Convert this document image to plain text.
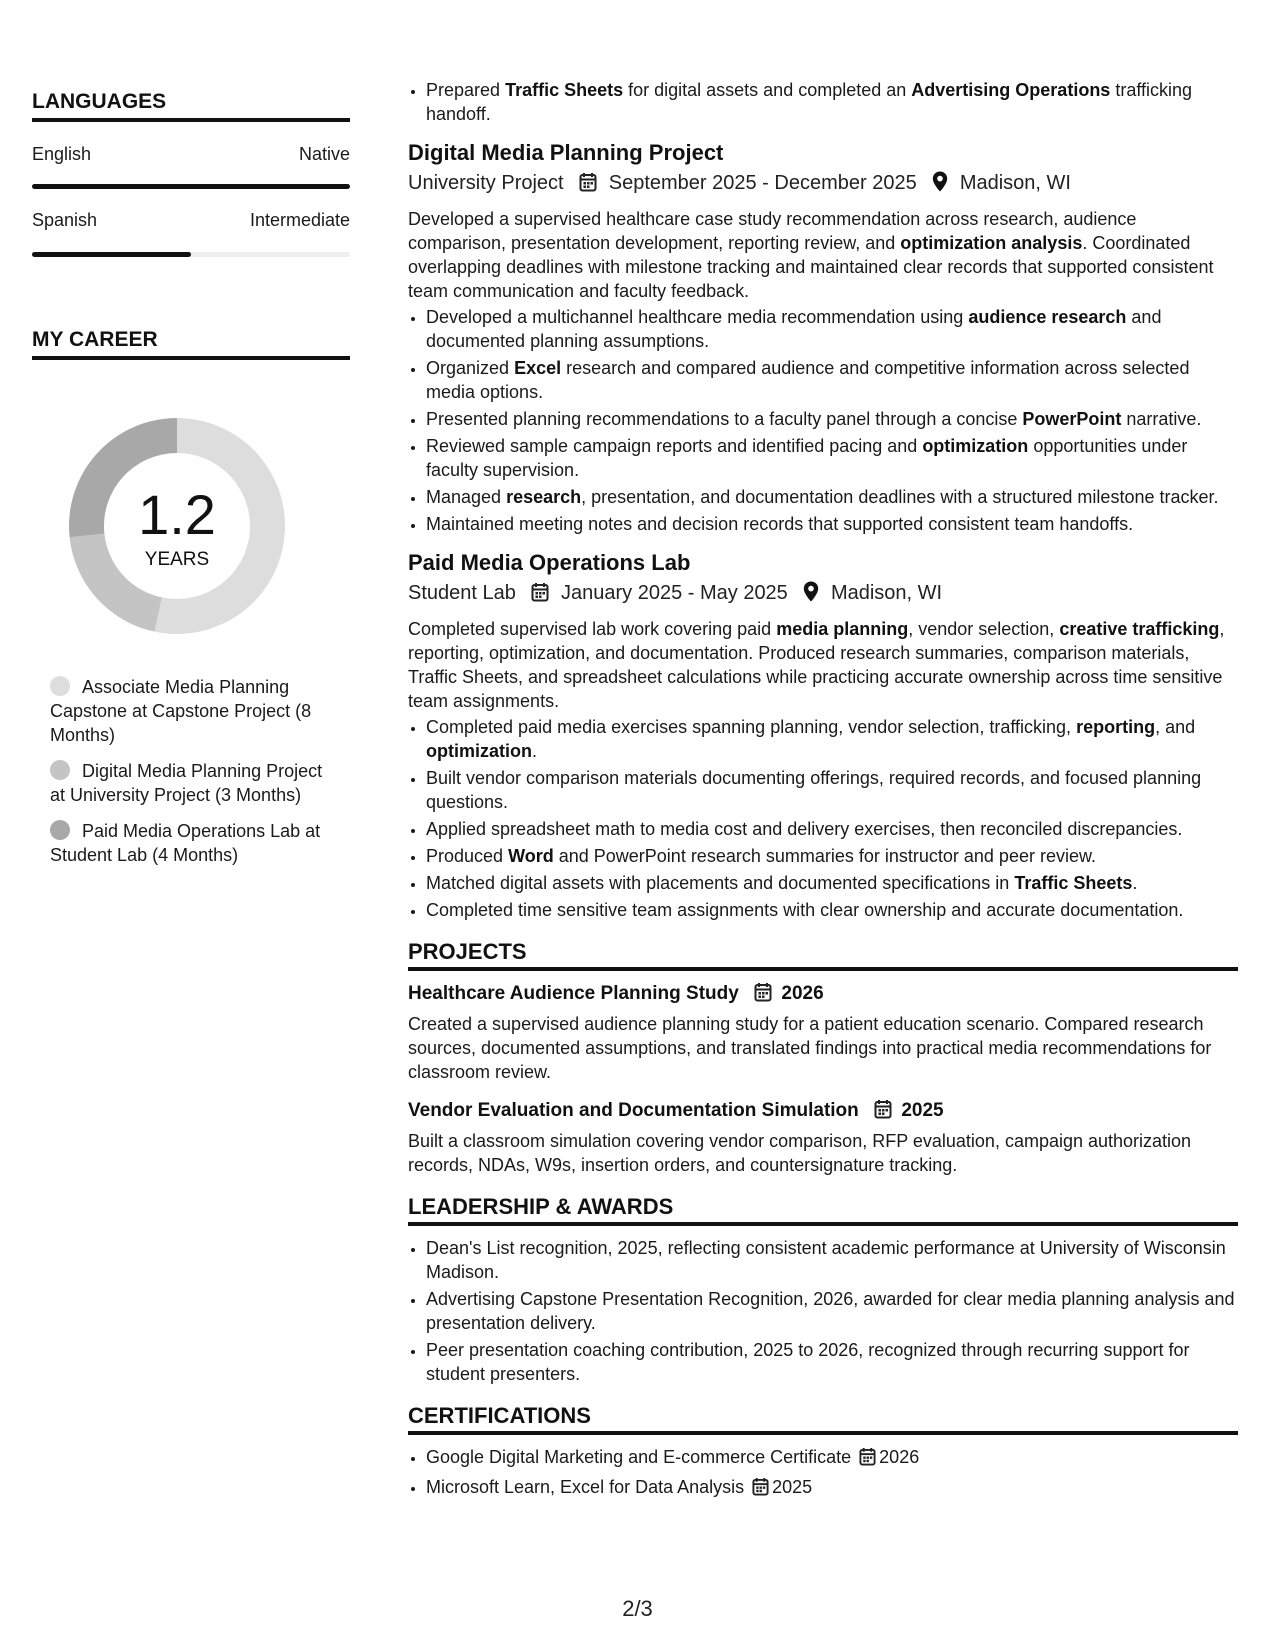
LANGUAGES
English	Native
Spanish	Intermediate
MY CAREER
1.2
YEARS
Associate Media Planning Capstone at Capstone Project (8 Months)
Digital Media Planning Project at University Project (3 Months)
Paid Media Operations Lab at Student Lab (4 Months)
• Prepared Traffic Sheets for digital assets and completed an Advertising Operations trafficking handoff.
Digital Media Planning Project
University Project September 2025 - December 2025 Madison, WI
Developed a supervised healthcare case study recommendation across research, audience comparison, presentation development, reporting review, and optimization analysis. Coordinated overlapping deadlines with milestone tracking and maintained clear records that supported consistent team communication and faculty feedback.
• Developed a multichannel healthcare media recommendation using audience research and documented planning assumptions.
• Organized Excel research and compared audience and competitive information across selected media options.
• Presented planning recommendations to a faculty panel through a concise PowerPoint narrative.
• Reviewed sample campaign reports and identified pacing and optimization opportunities under faculty supervision.
• Managed research, presentation, and documentation deadlines with a structured milestone tracker.
• Maintained meeting notes and decision records that supported consistent team handoffs.
Paid Media Operations Lab
Student Lab January 2025 - May 2025 Madison, WI
Completed supervised lab work covering paid media planning, vendor selection, creative trafficking, reporting, optimization, and documentation. Produced research summaries, comparison materials, Traffic Sheets, and spreadsheet calculations while practicing accurate ownership across time sensitive team assignments.
• Completed paid media exercises spanning planning, vendor selection, trafficking, reporting, and optimization.
• Built vendor comparison materials documenting offerings, required records, and focused planning questions.
• Applied spreadsheet math to media cost and delivery exercises, then reconciled discrepancies.
• Produced Word and PowerPoint research summaries for instructor and peer review.
• Matched digital assets with placements and documented specifications in Traffic Sheets.
• Completed time sensitive team assignments with clear ownership and accurate documentation.
PROJECTS
Healthcare Audience Planning Study 2026
Created a supervised audience planning study for a patient education scenario. Compared research sources, documented assumptions, and translated findings into practical media recommendations for classroom review.
Vendor Evaluation and Documentation Simulation 2025
Built a classroom simulation covering vendor comparison, RFP evaluation, campaign authorization records, NDAs, W9s, insertion orders, and countersignature tracking.
LEADERSHIP & AWARDS
• Dean's List recognition, 2025, reflecting consistent academic performance at University of Wisconsin Madison.
• Advertising Capstone Presentation Recognition, 2026, awarded for clear media planning analysis and presentation delivery.
• Peer presentation coaching contribution, 2025 to 2026, recognized through recurring support for student presenters.
CERTIFICATIONS
• Google Digital Marketing and E-commerce Certificate 2026
• Microsoft Learn, Excel for Data Analysis 2025
2/3
